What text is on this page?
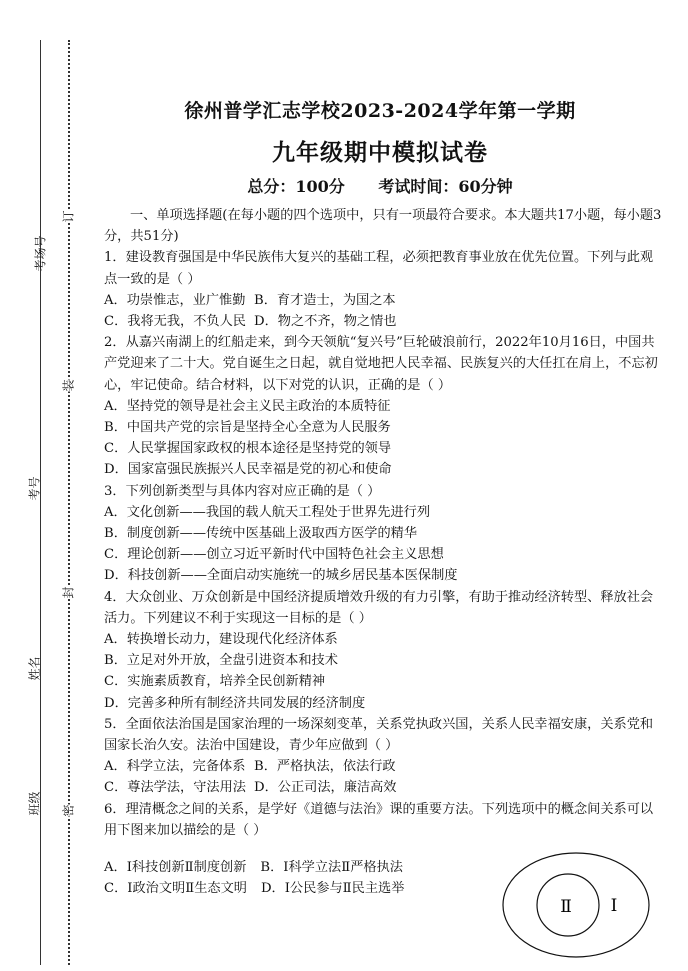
考场号
考号
姓名
班级
订
装
封
密
徐州普学汇志学校2023-2024学年第一学期
九年级期中模拟试卷
总分：100分 考试时间：60分钟

一、单项选择题(在每小题的四个选项中，只有一项最符合要求。本大题共17小题，每小题3分，共51分)

1．建设教育强国是中华民族伟大复兴的基础工程，必须把教育事业放在优先位置。下列与此观点一致的是（ ）

A．功崇惟志，业广惟勤 B．育才造士，为国之本
C．我将无我，不负人民 D．物之不齐，物之情也

2．从嘉兴南湖上的红船走来，到今天领航“复兴号”巨轮破浪前行，2022年10月16日，中国共产党迎来了二十大。党自诞生之日起，就自觉地把人民幸福、民族复兴的大任扛在肩上，不忘初心，牢记使命。结合材料，以下对党的认识，正确的是（ ）

A．坚持党的领导是社会主义民主政治的本质特征

B．中国共产党的宗旨是坚持全心全意为人民服务

C．人民掌握国家政权的根本途径是坚持党的领导

D．国家富强民族振兴人民幸福是党的初心和使命

3．下列创新类型与具体内容对应正确的是（ ）

A．文化创新——我国的载人航天工程处于世界先进行列

B．制度创新——传统中医基础上汲取西方医学的精华

C．理论创新——创立习近平新时代中国特色社会主义思想

D．科技创新——全面启动实施统一的城乡居民基本医保制度

4．大众创业、万众创新是中国经济提质增效升级的有力引擎，有助于推动经济转型、释放社会活力。下列建议不利于实现这一目标的是（ ）

A．转换增长动力，建设现代化经济体系

B．立足对外开放，全盘引进资本和技术

C．实施素质教育，培养全民创新精神

D．完善多种所有制经济共同发展的经济制度

5．全面依法治国是国家治理的一场深刻变革，关系党执政兴国，关系人民幸福安康，关系党和国家长治久安。法治中国建设，青少年应做到（ ）

A．科学立法，完备体系 B．严格执法，依法行政
C．尊法学法，守法用法 D．公正司法，廉洁高效

6．理清概念之间的关系，是学好《道德与法治》课的重要方法。下列选项中的概念间关系可以用下图来加以描绘的是（ ）

A．Ⅰ科技创新Ⅱ制度创新 B．Ⅰ科学立法Ⅱ严格执法
C．Ⅰ政治文明Ⅱ生态文明 D．Ⅰ公民参与Ⅱ民主选举
Ⅱ Ⅰ
